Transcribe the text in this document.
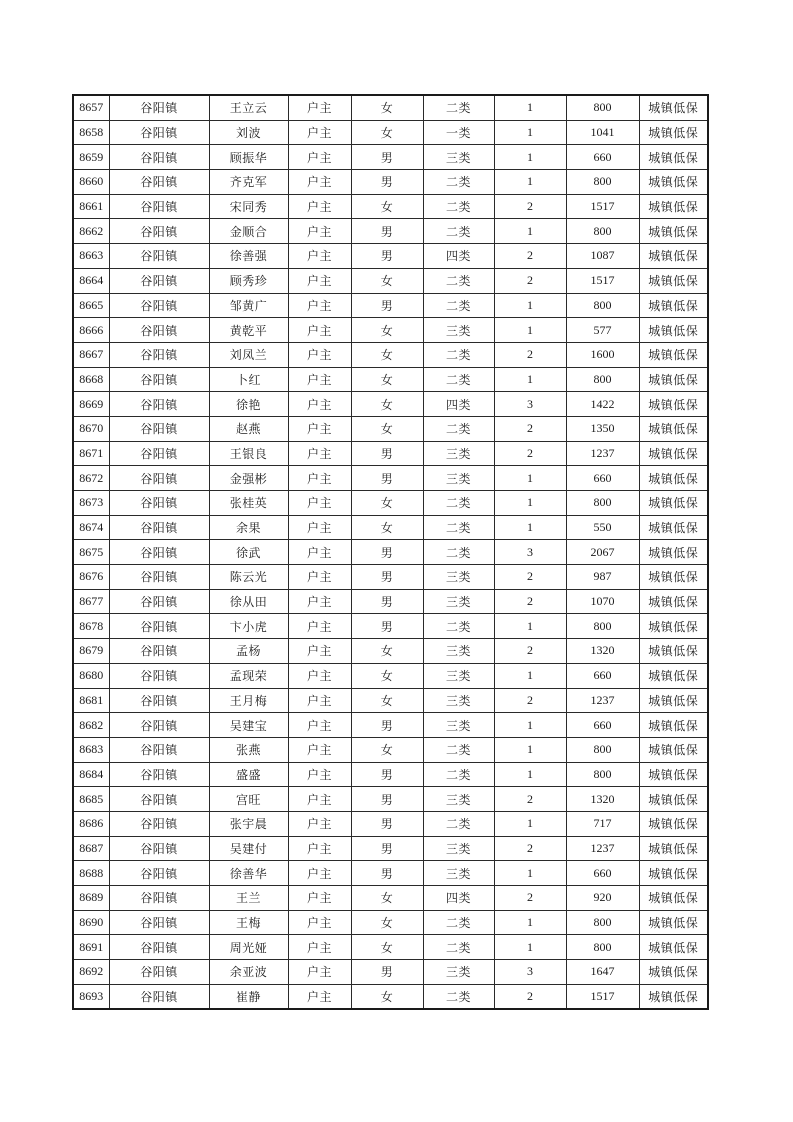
8657	谷阳镇	王立云	户主	女	二类	1	800	城镇低保
8658	谷阳镇	刘波	户主	女	一类	1	1041	城镇低保
8659	谷阳镇	顾振华	户主	男	三类	1	660	城镇低保
8660	谷阳镇	齐克军	户主	男	二类	1	800	城镇低保
8661	谷阳镇	宋同秀	户主	女	二类	2	1517	城镇低保
8662	谷阳镇	金顺合	户主	男	二类	1	800	城镇低保
8663	谷阳镇	徐善强	户主	男	四类	2	1087	城镇低保
8664	谷阳镇	顾秀珍	户主	女	二类	2	1517	城镇低保
8665	谷阳镇	邹黄广	户主	男	二类	1	800	城镇低保
8666	谷阳镇	黄乾平	户主	女	三类	1	577	城镇低保
8667	谷阳镇	刘凤兰	户主	女	二类	2	1600	城镇低保
8668	谷阳镇	卜红	户主	女	二类	1	800	城镇低保
8669	谷阳镇	徐艳	户主	女	四类	3	1422	城镇低保
8670	谷阳镇	赵燕	户主	女	二类	2	1350	城镇低保
8671	谷阳镇	王银良	户主	男	三类	2	1237	城镇低保
8672	谷阳镇	金强彬	户主	男	三类	1	660	城镇低保
8673	谷阳镇	张桂英	户主	女	二类	1	800	城镇低保
8674	谷阳镇	余果	户主	女	二类	1	550	城镇低保
8675	谷阳镇	徐武	户主	男	二类	3	2067	城镇低保
8676	谷阳镇	陈云光	户主	男	三类	2	987	城镇低保
8677	谷阳镇	徐从田	户主	男	三类	2	1070	城镇低保
8678	谷阳镇	卞小虎	户主	男	二类	1	800	城镇低保
8679	谷阳镇	孟杨	户主	女	三类	2	1320	城镇低保
8680	谷阳镇	孟现荣	户主	女	三类	1	660	城镇低保
8681	谷阳镇	王月梅	户主	女	三类	2	1237	城镇低保
8682	谷阳镇	吴建宝	户主	男	三类	1	660	城镇低保
8683	谷阳镇	张燕	户主	女	二类	1	800	城镇低保
8684	谷阳镇	盛盛	户主	男	二类	1	800	城镇低保
8685	谷阳镇	宫旺	户主	男	三类	2	1320	城镇低保
8686	谷阳镇	张宇晨	户主	男	二类	1	717	城镇低保
8687	谷阳镇	吴建付	户主	男	三类	2	1237	城镇低保
8688	谷阳镇	徐善华	户主	男	三类	1	660	城镇低保
8689	谷阳镇	王兰	户主	女	四类	2	920	城镇低保
8690	谷阳镇	王梅	户主	女	二类	1	800	城镇低保
8691	谷阳镇	周光娅	户主	女	二类	1	800	城镇低保
8692	谷阳镇	余亚波	户主	男	三类	3	1647	城镇低保
8693	谷阳镇	崔静	户主	女	二类	2	1517	城镇低保
